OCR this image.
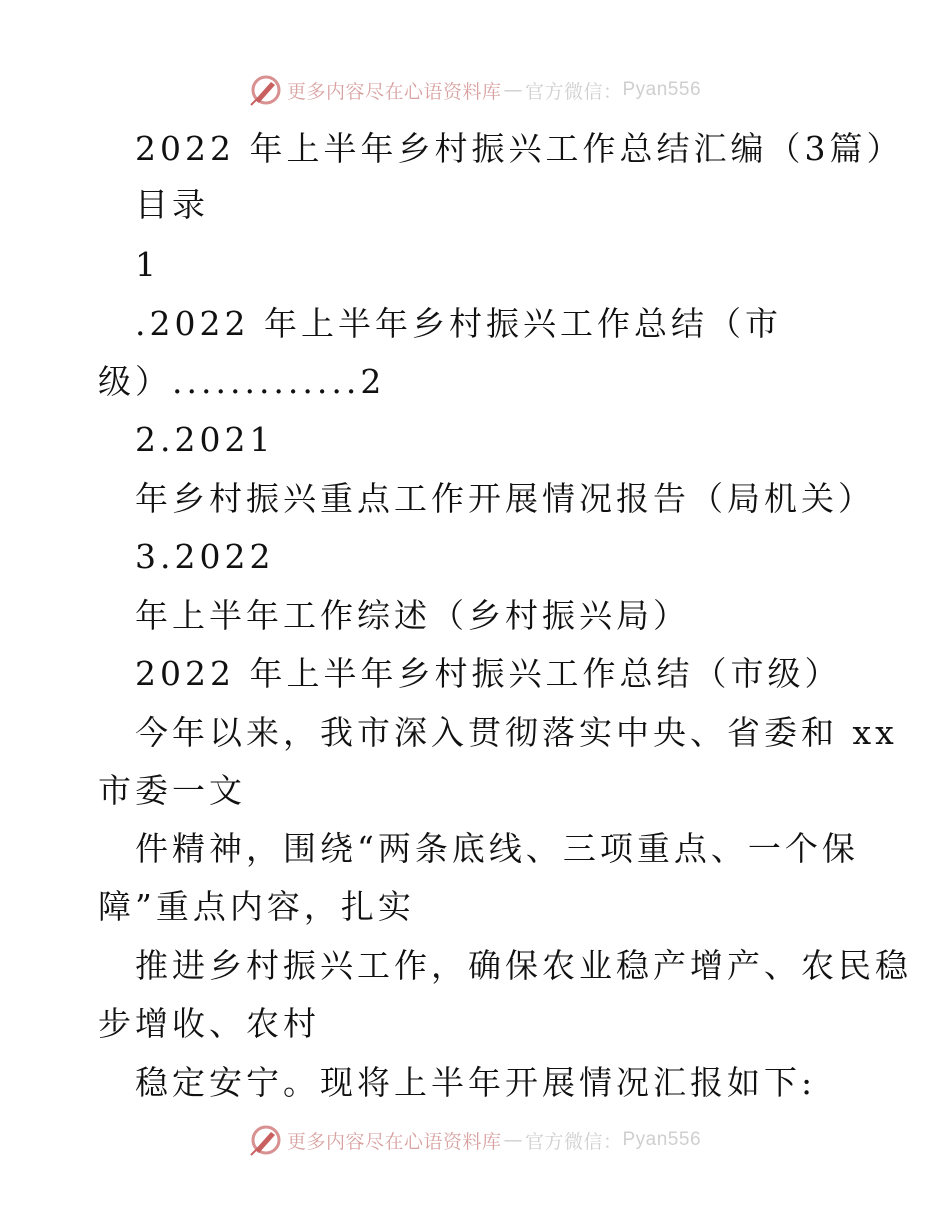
更多内容尽在心语资料库 — 官方微信： Pyan556
2022 年上半年乡村振兴工作总结汇编（3篇）
目录
1
.2022 年上半年乡村振兴工作总结（市
级）.............2
2.2021
年乡村振兴重点工作开展情况报告（局机关）
3.2022
年上半年工作综述（乡村振兴局）
2022 年上半年乡村振兴工作总结（市级）
今年以来，我市深入贯彻落实中央、省委和 xx
市委一文
件精神，围绕“两条底线、三项重点、一个保
障”重点内容，扎实
推进乡村振兴工作，确保农业稳产增产、农民稳
步增收、农村
稳定安宁。现将上半年开展情况汇报如下:
更多内容尽在心语资料库 — 官方微信： Pyan556
